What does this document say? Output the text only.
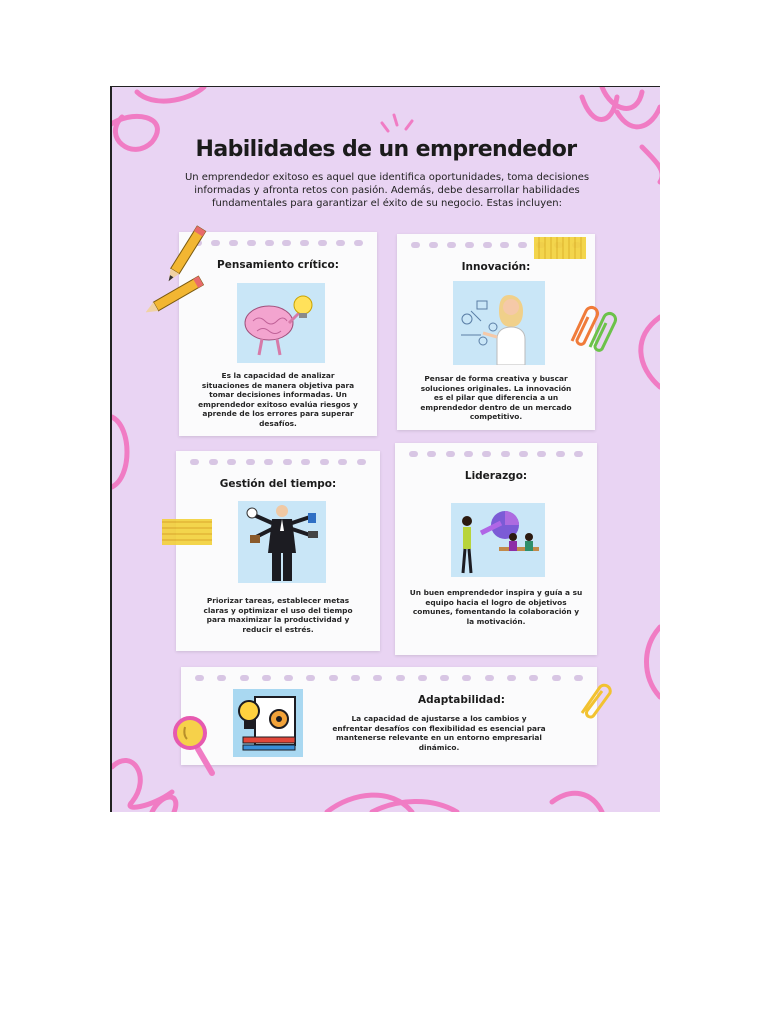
Habilidades de un emprendedor

Un emprendedor exitoso es aquel que identifica oportunidades, toma decisiones informadas y afronta retos con pasión. Además, debe desarrollar habilidades fundamentales para garantizar el éxito de su negocio. Estas incluyen:

Pensamiento crítico:

Es la capacidad de analizar situaciones de manera objetiva para tomar decisiones informadas. Un emprendedor exitoso evalúa riesgos y aprende de los errores para superar desafíos.

Innovación:

Pensar de forma creativa y buscar soluciones originales. La innovación es el pilar que diferencia a un emprendedor dentro de un mercado competitivo.

Gestión del tiempo:

Priorizar tareas, establecer metas claras y optimizar el uso del tiempo para maximizar la productividad y reducir el estrés.

Liderazgo:

Un buen emprendedor inspira y guía a su equipo hacia el logro de objetivos comunes, fomentando la colaboración y la motivación.

Adaptabilidad:

La capacidad de ajustarse a los cambios y enfrentar desafíos con flexibilidad es esencial para mantenerse relevante en un entorno empresarial dinámico.
